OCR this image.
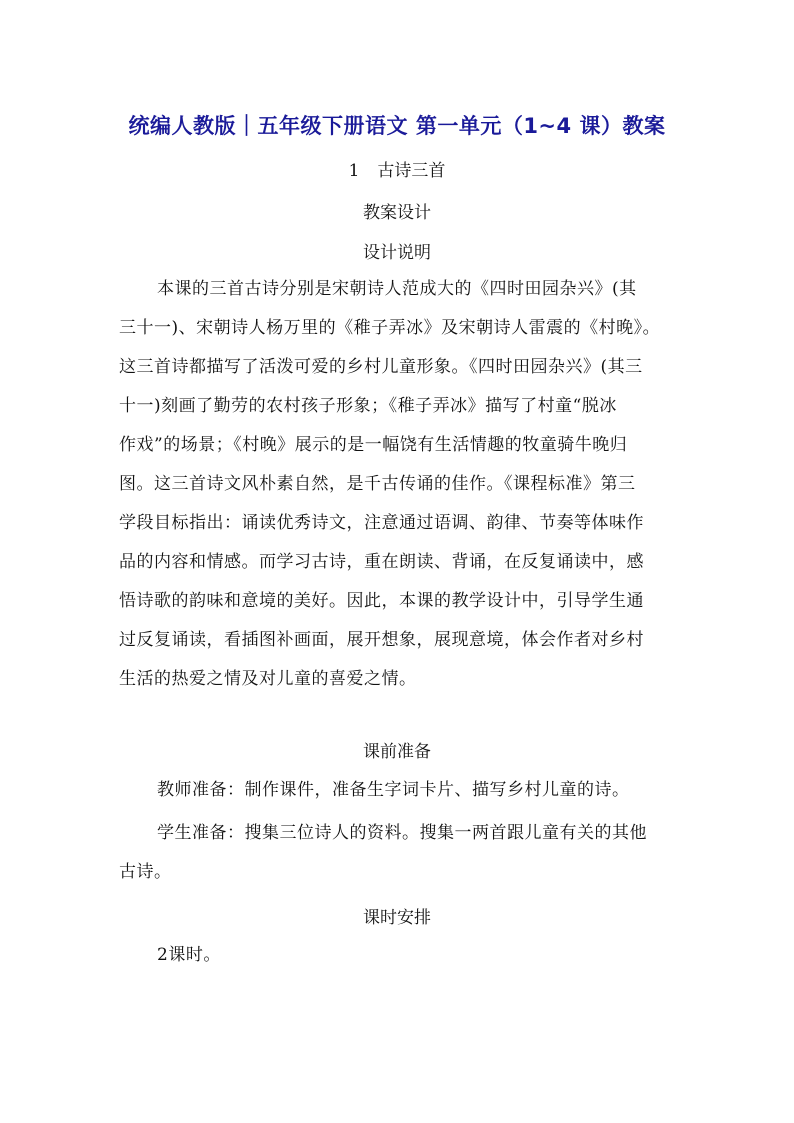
统编人教版｜五年级下册语文 第一单元（1~4 课）教案
1 古诗三首
教案设计
设计说明
本课的三首古诗分别是宋朝诗人范成大的《四时田园杂兴》(其
三十一)、宋朝诗人杨万里的《稚子弄冰》及宋朝诗人雷震的《村晚》。
这三首诗都描写了活泼可爱的乡村儿童形象。《四时田园杂兴》(其三
十一)刻画了勤劳的农村孩子形象；《稚子弄冰》描写了村童“脱冰
作戏”的场景；《村晚》展示的是一幅饶有生活情趣的牧童骑牛晚归
图。这三首诗文风朴素自然，是千古传诵的佳作。《课程标准》第三
学段目标指出：诵读优秀诗文，注意通过语调、韵律、节奏等体味作
品的内容和情感。而学习古诗，重在朗读、背诵，在反复诵读中，感
悟诗歌的韵味和意境的美好。因此，本课的教学设计中，引导学生通
过反复诵读，看插图补画面，展开想象，展现意境，体会作者对乡村
生活的热爱之情及对儿童的喜爱之情。
课前准备
教师准备：制作课件，准备生字词卡片、描写乡村儿童的诗。
学生准备：搜集三位诗人的资料。搜集一两首跟儿童有关的其他
古诗。
课时安排
2课时。
